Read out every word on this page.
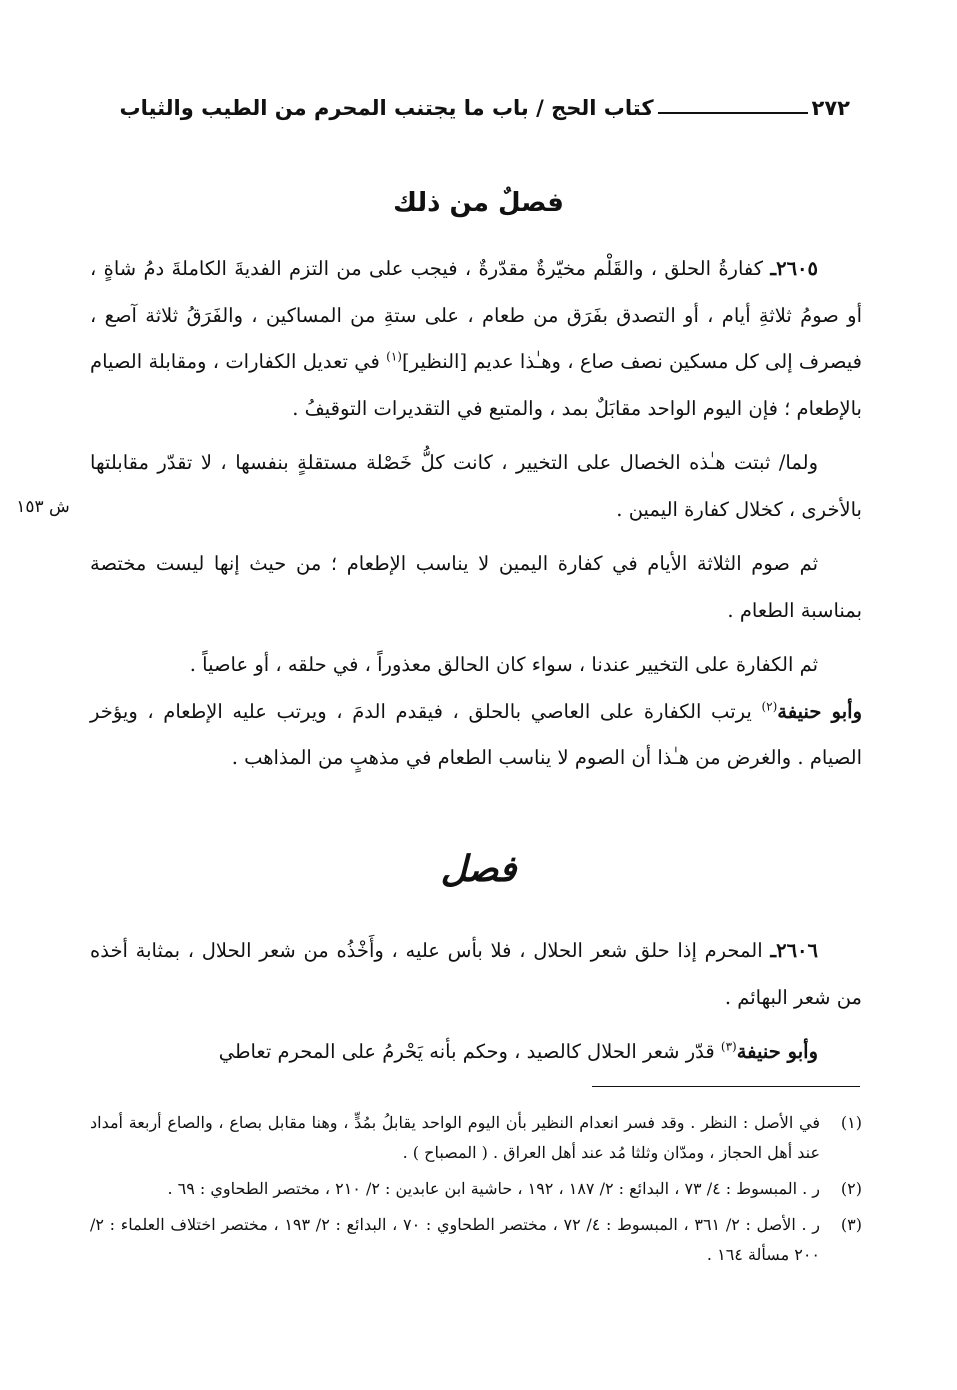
٢٧٢
كتاب الحج / باب ما يجتنب المحرم من الطيب والثياب
فصلٌ من ذلك
ش ١٥٣

٢٦٠٥ـ كفارةُ الحلق ، والقَلْم مخيّرةٌ مقدّرةٌ ، فيجب على من التزم الفديةَ الكاملةَ دمُ شاةٍ ، أو صومُ ثلاثةِ أيام ، أو التصدق بفَرَق من طعام ، على ستةِ من المساكين ، والفَرَقُ ثلاثة آصع ، فيصرف إلى كل مسكين نصف صاع ، وهـٰذا عديم [النظير]$^{(١)}$ في تعديل الكفارات ، ومقابلة الصيام بالإطعام ؛ فإن اليوم الواحد مقابَلٌ بمد ، والمتبع في التقديرات التوقيفُ .

ولما/ ثبتت هـٰذه الخصال على التخيير ، كانت كلُّ خَصْلة مستقلةٍ بنفسها ، لا تقدّر مقابلتها بالأخرى ، كخلال كفارة اليمين .

ثم صوم الثلاثة الأيام في كفارة اليمين لا يناسب الإطعام ؛ من حيث إنها ليست مختصة بمناسبة الطعام .

ثم الكفارة على التخيير عندنا ، سواء كان الحالق معذوراً ، في حلقه ، أو عاصياً .

وأبو حنيفة$^{(٢)}$ يرتب الكفارة على العاصي بالحلق ، فيقدم الدمَ ، ويرتب عليه الإطعام ، ويؤخر الصيام . والغرض من هـٰذا أن الصوم لا يناسب الطعام في مذهبٍ من المذاهب .

فصل

٢٦٠٦ـ المحرم إذا حلق شعر الحلال ، فلا بأس عليه ، وأَخْذُه من شعر الحلال ، بمثابة أخذه من شعر البهائم .

وأبو حنيفة$^{(٣)}$ قدّر شعر الحلال كالصيد ، وحكم بأنه يَحْرمُ على المحرم تعاطي

(١)
في الأصل : النظر . وقد فسر انعدام النظير بأن اليوم الواحد يقابلُ بمُدٍّ ، وهنا مقابل بصاع ، والصاع أربعة أمداد عند أهل الحجاز ، ومدّان وثلثا مُد عند أهل العراق . ( المصباح ) .
(٢)
ر . المبسوط : ٤/ ٧٣ ، البدائع : ٢/ ١٨٧ ، ١٩٢ ، حاشية ابن عابدين : ٢/ ٢١٠ ، مختصر الطحاوي : ٦٩ .
(٣)
ر . الأصل : ٢/ ٣٦١ ، المبسوط : ٤/ ٧٢ ، مختصر الطحاوي : ٧٠ ، البدائع : ٢/ ١٩٣ ، مختصر اختلاف العلماء : ٢/ ٢٠٠ مسألة ١٦٤ .
